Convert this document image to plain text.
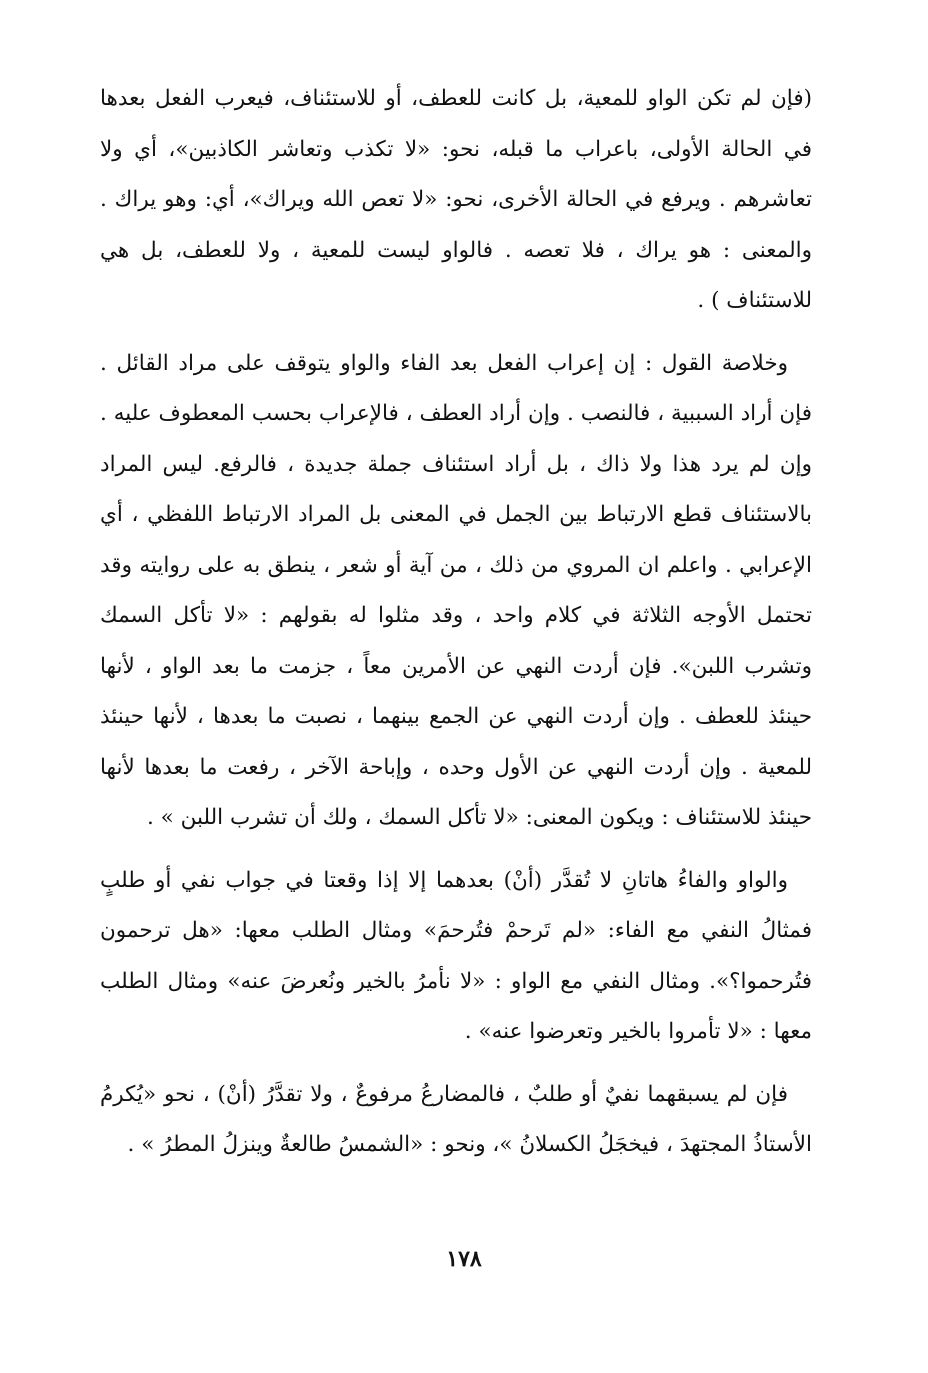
(فإن لم تكن الواو للمعية، بل كانت للعطف، أو للاستئناف، فيعرب الفعل بعدها في الحالة الأولى، باعراب ما قبله، نحو: «لا تكذب وتعاشر الكاذبين»، أي ولا تعاشرهم . ويرفع في الحالة الأخرى، نحو: «لا تعص الله ويراك»، أي: وهو يراك . والمعنى : هو يراك ، فلا تعصه . فالواو ليست للمعية ، ولا للعطف، بل هي للاستئناف ) .

وخلاصة القول : إن إعراب الفعل بعد الفاء والواو يتوقف على مراد القائل . فإن أراد السببية ، فالنصب . وإن أراد العطف ، فالإعراب بحسب المعطوف عليه . وإن لم يرد هذا ولا ذاك ، بل أراد استئناف جملة جديدة ، فالرفع. ليس المراد بالاستئناف قطع الارتباط بين الجمل في المعنى بل المراد الارتباط اللفظي ، أي الإعرابي . واعلم ان المروي من ذلك ، من آية أو شعر ، ينطق به على روايته وقد تحتمل الأوجه الثلاثة في كلام واحد ، وقد مثلوا له بقولهم : «لا تأكل السمك وتشرب اللبن». فإن أردت النهي عن الأمرين معاً ، جزمت ما بعد الواو ، لأنها حينئذ للعطف . وإن أردت النهي عن الجمع بينهما ، نصبت ما بعدها ، لأنها حينئذ للمعية . وإن أردت النهي عن الأول وحده ، وإباحة الآخر ، رفعت ما بعدها لأنها حينئذ للاستئناف : ويكون المعنى: «لا تأكل السمك ، ولك أن تشرب اللبن » .

والواو والفاءُ هاتانِ لا تُقدَّر (أنْ) بعدهما إلا إذا وقعتا في جواب نفي أو طلبٍ فمثالُ النفي مع الفاء: «لم تَرحمْ فتُرحمَ» ومثال الطلب معها: «هل ترحمون فتُرحموا؟». ومثال النفي مع الواو : «لا نأمرُ بالخير ونُعرضَ عنه» ومثال الطلب معها : «لا تأمروا بالخير وتعرضوا عنه» .

فإن لم يسبقهما نفيٌ أو طلبٌ ، فالمضارعُ مرفوعٌ ، ولا تقدَّرُ (أنْ) ، نحو «يُكرمُ الأستاذُ المجتهدَ ، فيخجَلُ الكسلانُ »، ونحو : «الشمسُ طالعةٌ وينزلُ المطرُ » .

١٧٨
